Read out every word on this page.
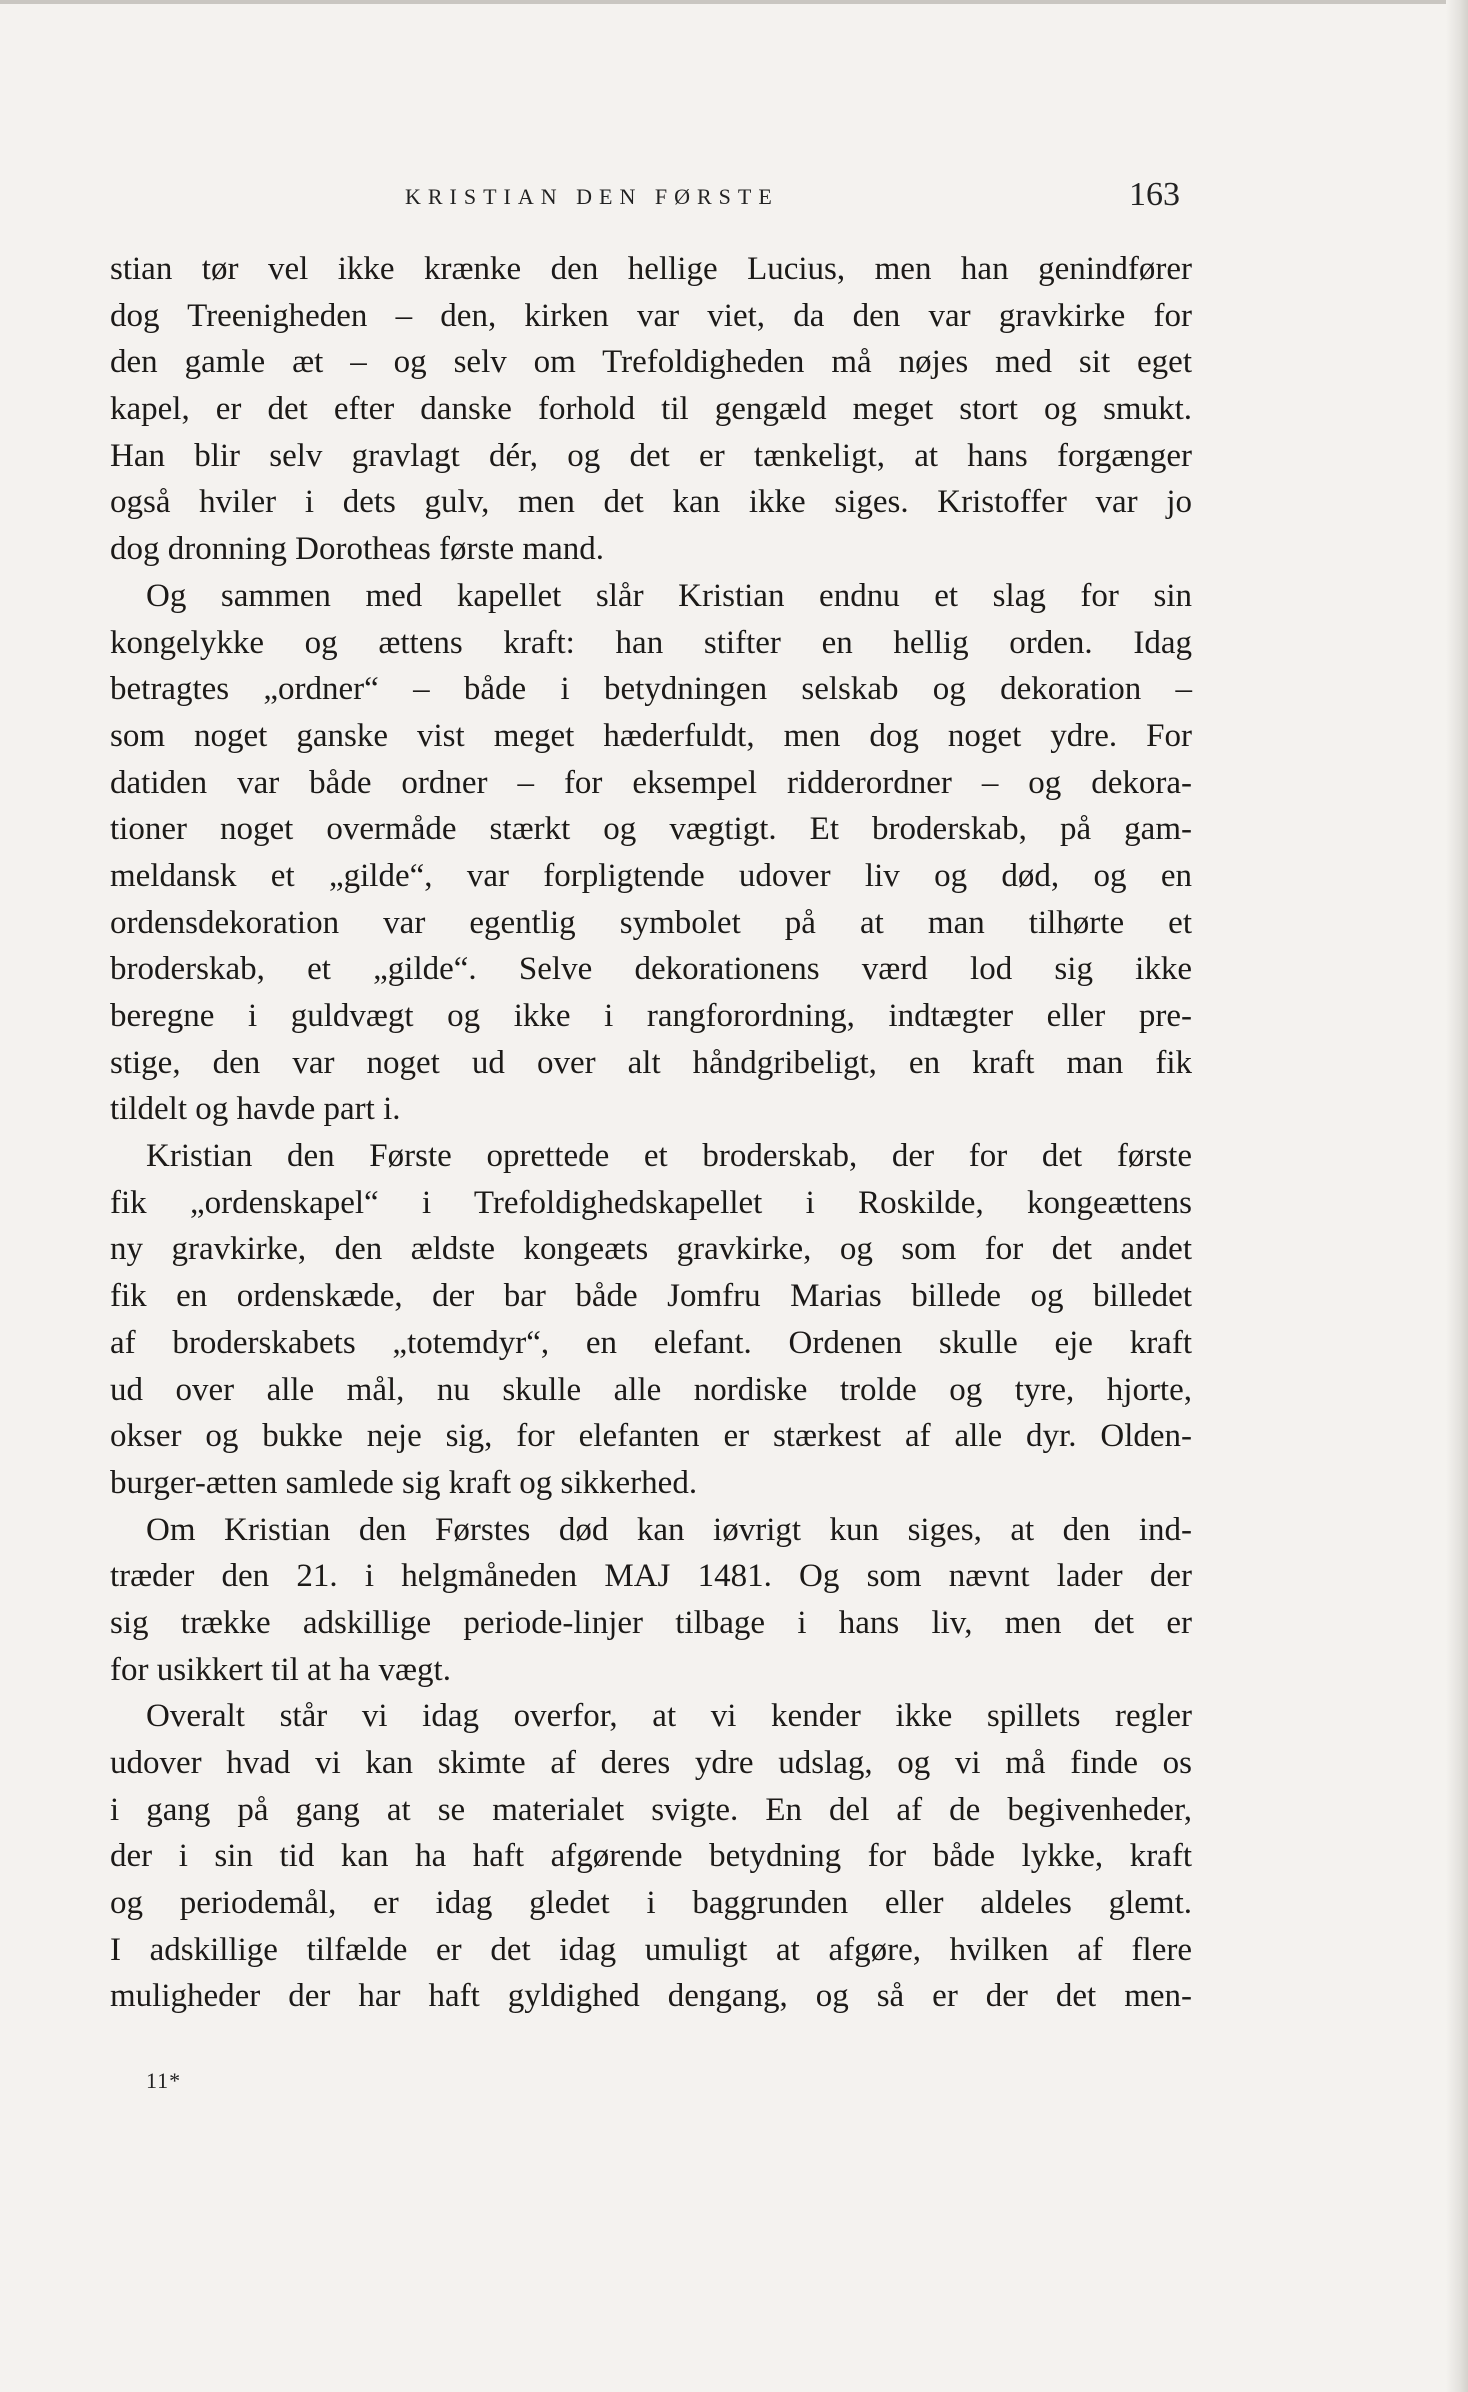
KRISTIAN DEN FØRSTE	163
stian tør vel ikke krænke den hellige Lucius, men han genindfører
dog Treenigheden – den, kirken var viet, da den var gravkirke for
den gamle æt – og selv om Trefoldigheden må nøjes med sit eget
kapel, er det efter danske forhold til gengæld meget stort og smukt.
Han blir selv gravlagt dér, og det er tænkeligt, at hans forgænger
også hviler i dets gulv, men det kan ikke siges. Kristoffer var jo
dog dronning Dorotheas første mand.
Og sammen med kapellet slår Kristian endnu et slag for sin
kongelykke og ættens kraft: han stifter en hellig orden. Idag
betragtes „ordner“ – både i betydningen selskab og dekoration –
som noget ganske vist meget hæderfuldt, men dog noget ydre. For
datiden var både ordner – for eksempel ridderordner – og dekora-
tioner noget overmåde stærkt og vægtigt. Et broderskab, på gam-
meldansk et „gilde“, var forpligtende udover liv og død, og en
ordensdekoration var egentlig symbolet på at man tilhørte et
broderskab, et „gilde“. Selve dekorationens værd lod sig ikke
beregne i guldvægt og ikke i rangforordning, indtægter eller pre-
stige, den var noget ud over alt håndgribeligt, en kraft man fik
tildelt og havde part i.
Kristian den Første oprettede et broderskab, der for det første
fik „ordenskapel“ i Trefoldighedskapellet i Roskilde, kongeættens
ny gravkirke, den ældste kongeæts gravkirke, og som for det andet
fik en ordenskæde, der bar både Jomfru Marias billede og billedet
af broderskabets „totemdyr“, en elefant. Ordenen skulle eje kraft
ud over alle mål, nu skulle alle nordiske trolde og tyre, hjorte,
okser og bukke neje sig, for elefanten er stærkest af alle dyr. Olden-
burger-ætten samlede sig kraft og sikkerhed.
Om Kristian den Førstes død kan iøvrigt kun siges, at den ind-
træder den 21. i helgmåneden MAJ 1481. Og som nævnt lader der
sig trække adskillige periode-linjer tilbage i hans liv, men det er
for usikkert til at ha vægt.
Overalt står vi idag overfor, at vi kender ikke spillets regler
udover hvad vi kan skimte af deres ydre udslag, og vi må finde os
i gang på gang at se materialet svigte. En del af de begivenheder,
der i sin tid kan ha haft afgørende betydning for både lykke, kraft
og periodemål, er idag gledet i baggrunden eller aldeles glemt.
I adskillige tilfælde er det idag umuligt at afgøre, hvilken af flere
muligheder der har haft gyldighed dengang, og så er der det men-
11*
